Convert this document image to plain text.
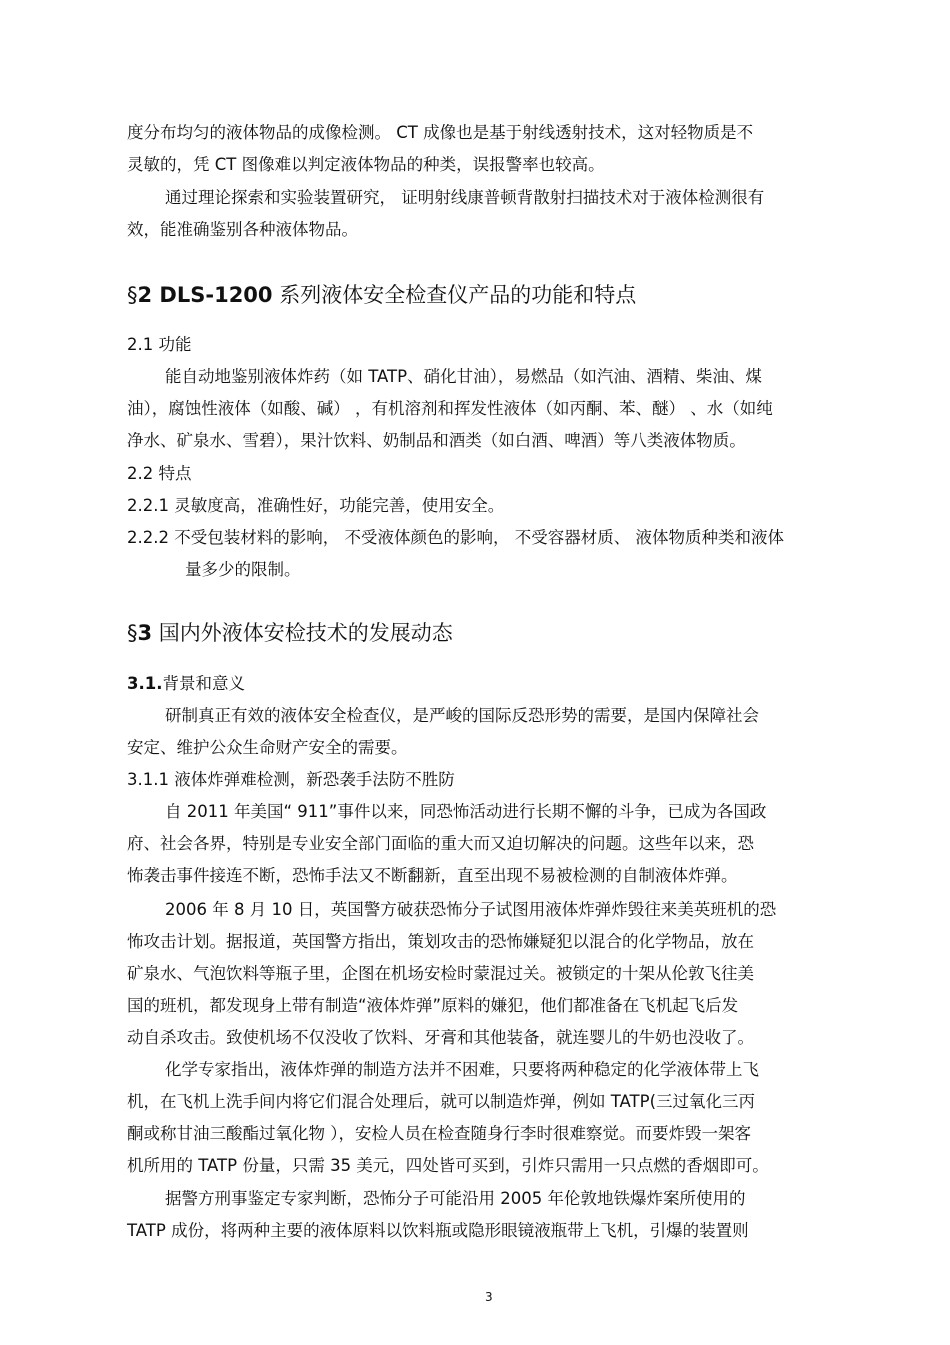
度分布均匀的液体物品的成像检测。 CT 成像也是基于射线透射技术，这对轻物质是不
灵敏的，凭 CT 图像难以判定液体物品的种类，误报警率也较高。
通过理论探索和实验装置研究， 证明射线康普顿背散射扫描技术对于液体检测很有
效，能准确鉴别各种液体物品。
§2 DLS-1200 系列液体安全检查仪产品的功能和特点
2.1 功能
能自动地鉴别液体炸药（如 TATP、硝化甘油），易燃品（如汽油、酒精、柴油、煤
油），腐蚀性液体（如酸、碱） ，有机溶剂和挥发性液体（如丙酮、苯、醚） 、水（如纯
净水、矿泉水、雪碧），果汁饮料、奶制品和酒类（如白酒、啤酒）等八类液体物质。
2.2 特点
2.2.1 灵敏度高，准确性好，功能完善，使用安全。
2.2.2 不受包装材料的影响， 不受液体颜色的影响， 不受容器材质、 液体物质种类和液体
量多少的限制。
§3 国内外液体安检技术的发展动态
3.1.背景和意义
研制真正有效的液体安全检查仪，是严峻的国际反恐形势的需要，是国内保障社会
安定、维护公众生命财产安全的需要。
3.1.1 液体炸弹难检测，新恐袭手法防不胜防
自 2011 年美国“ 911”事件以来，同恐怖活动进行长期不懈的斗争，已成为各国政
府、社会各界，特别是专业安全部门面临的重大而又迫切解决的问题。这些年以来，恐
怖袭击事件接连不断，恐怖手法又不断翻新，直至出现不易被检测的自制液体炸弹。
2006 年 8 月 10 日，英国警方破获恐怖分子试图用液体炸弹炸毁往来美英班机的恐
怖攻击计划。据报道，英国警方指出，策划攻击的恐怖嫌疑犯以混合的化学物品，放在
矿泉水、气泡饮料等瓶子里，企图在机场安检时蒙混过关。被锁定的十架从伦敦飞往美
国的班机，都发现身上带有制造“液体炸弹”原料的嫌犯，他们都准备在飞机起飞后发
动自杀攻击。致使机场不仅没收了饮料、牙膏和其他装备，就连婴儿的牛奶也没收了。
化学专家指出，液体炸弹的制造方法并不困难，只要将两种稳定的化学液体带上飞
机，在飞机上洗手间内将它们混合处理后，就可以制造炸弹，例如 TATP(三过氧化三丙
酮或称甘油三酸酯过氧化物 ），安检人员在检查随身行李时很难察觉。而要炸毁一架客
机所用的 TATP 份量，只需 35 美元，四处皆可买到，引炸只需用一只点燃的香烟即可。
据警方刑事鉴定专家判断，恐怖分子可能沿用 2005 年伦敦地铁爆炸案所使用的
TATP 成份，将两种主要的液体原料以饮料瓶或隐形眼镜液瓶带上飞机，引爆的装置则
3
